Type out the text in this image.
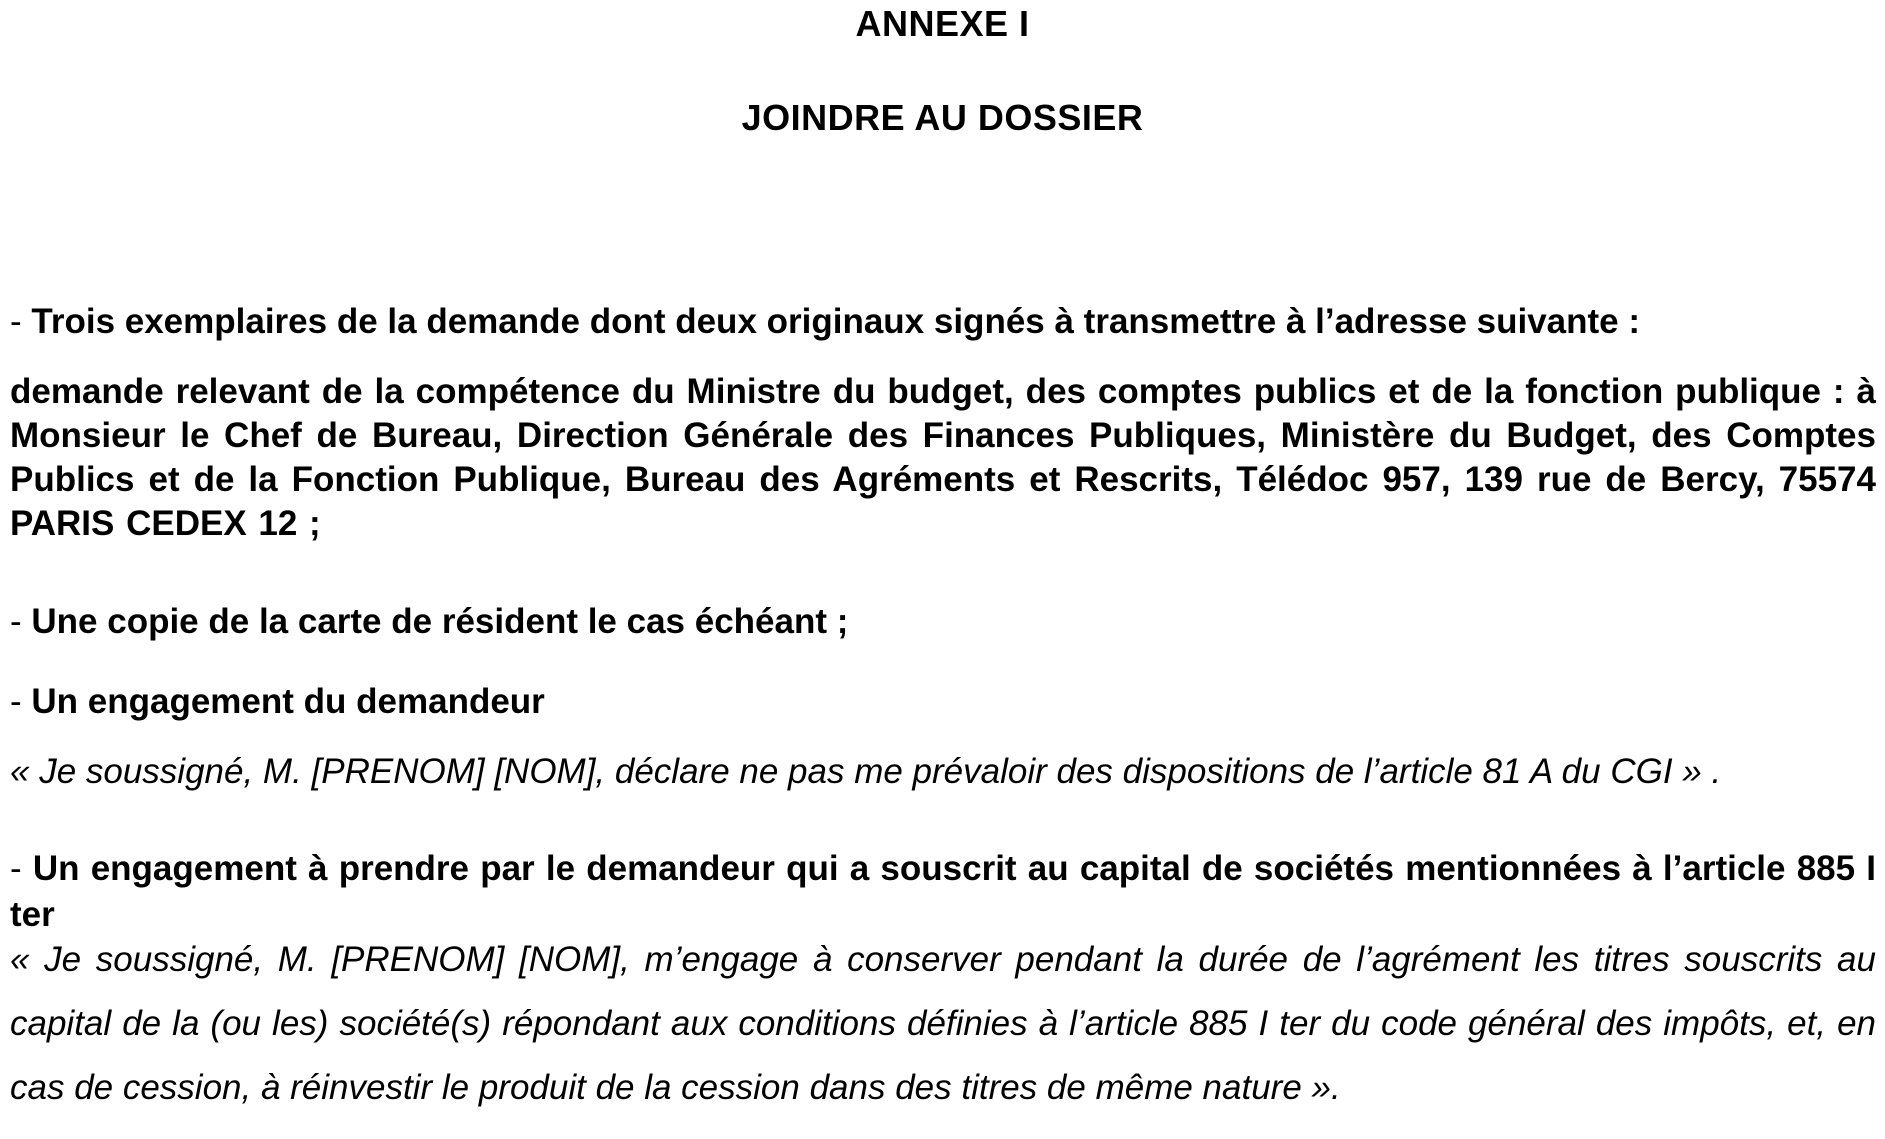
ANNEXE I
JOINDRE AU DOSSIER
- Trois exemplaires de la demande dont deux originaux signés à transmettre à l’adresse suivante :
demande relevant de la compétence du Ministre du budget, des comptes publics et de la fonction publique : à Monsieur le Chef de Bureau, Direction Générale des Finances Publiques, Ministère du Budget, des Comptes Publics et de la Fonction Publique, Bureau des Agréments et Rescrits, Télédoc 957, 139 rue de Bercy, 75574 PARIS CEDEX 12 ;
- Une copie de la carte de résident le cas échéant ;
- Un engagement du demandeur
« Je soussigné, M. [PRENOM] [NOM], déclare ne pas me prévaloir des dispositions de l’article 81 A du CGI » .
- Un engagement à prendre par le demandeur qui a souscrit au capital de sociétés mentionnées à l’article 885 I ter
« Je soussigné, M. [PRENOM] [NOM], m’engage à conserver pendant la durée de l’agrément les titres souscrits au capital de la (ou les) société(s) répondant aux conditions définies à l’article 885 I ter du code général des impôts, et, en cas de cession, à réinvestir le produit de la cession dans des titres de même nature ».
